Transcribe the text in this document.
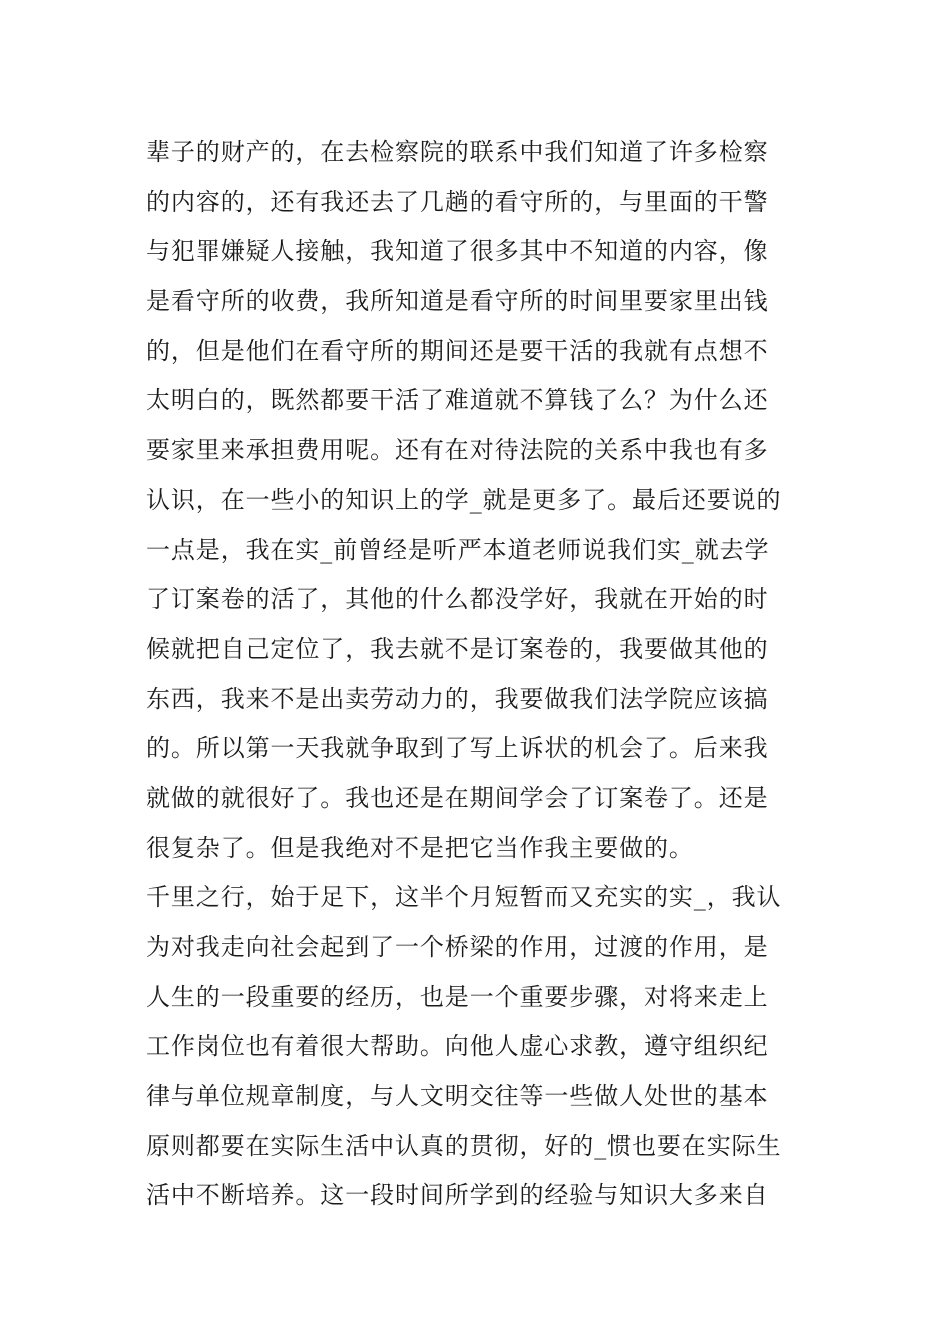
辈子的财产的，在去检察院的联系中我们知道了许多检察
的内容的，还有我还去了几趟的看守所的，与里面的干警
与犯罪嫌疑人接触，我知道了很多其中不知道的内容，像
是看守所的收费，我所知道是看守所的时间里要家里出钱
的，但是他们在看守所的期间还是要干活的我就有点想不
太明白的，既然都要干活了难道就不算钱了么？为什么还
要家里来承担费用呢。还有在对待法院的关系中我也有多
认识，在一些小的知识上的学_就是更多了。最后还要说的
一点是，我在实_前曾经是听严本道老师说我们实_就去学
了订案卷的活了，其他的什么都没学好，我就在开始的时
候就把自己定位了，我去就不是订案卷的，我要做其他的
东西，我来不是出卖劳动力的，我要做我们法学院应该搞
的。所以第一天我就争取到了写上诉状的机会了。后来我
就做的就很好了。我也还是在期间学会了订案卷了。还是
很复杂了。但是我绝对不是把它当作我主要做的。
千里之行，始于足下，这半个月短暂而又充实的实_，我认
为对我走向社会起到了一个桥梁的作用，过渡的作用，是
人生的一段重要的经历，也是一个重要步骤，对将来走上
工作岗位也有着很大帮助。向他人虚心求教，遵守组织纪
律与单位规章制度，与人文明交往等一些做人处世的基本
原则都要在实际生活中认真的贯彻，好的_惯也要在实际生
活中不断培养。这一段时间所学到的经验与知识大多来自
